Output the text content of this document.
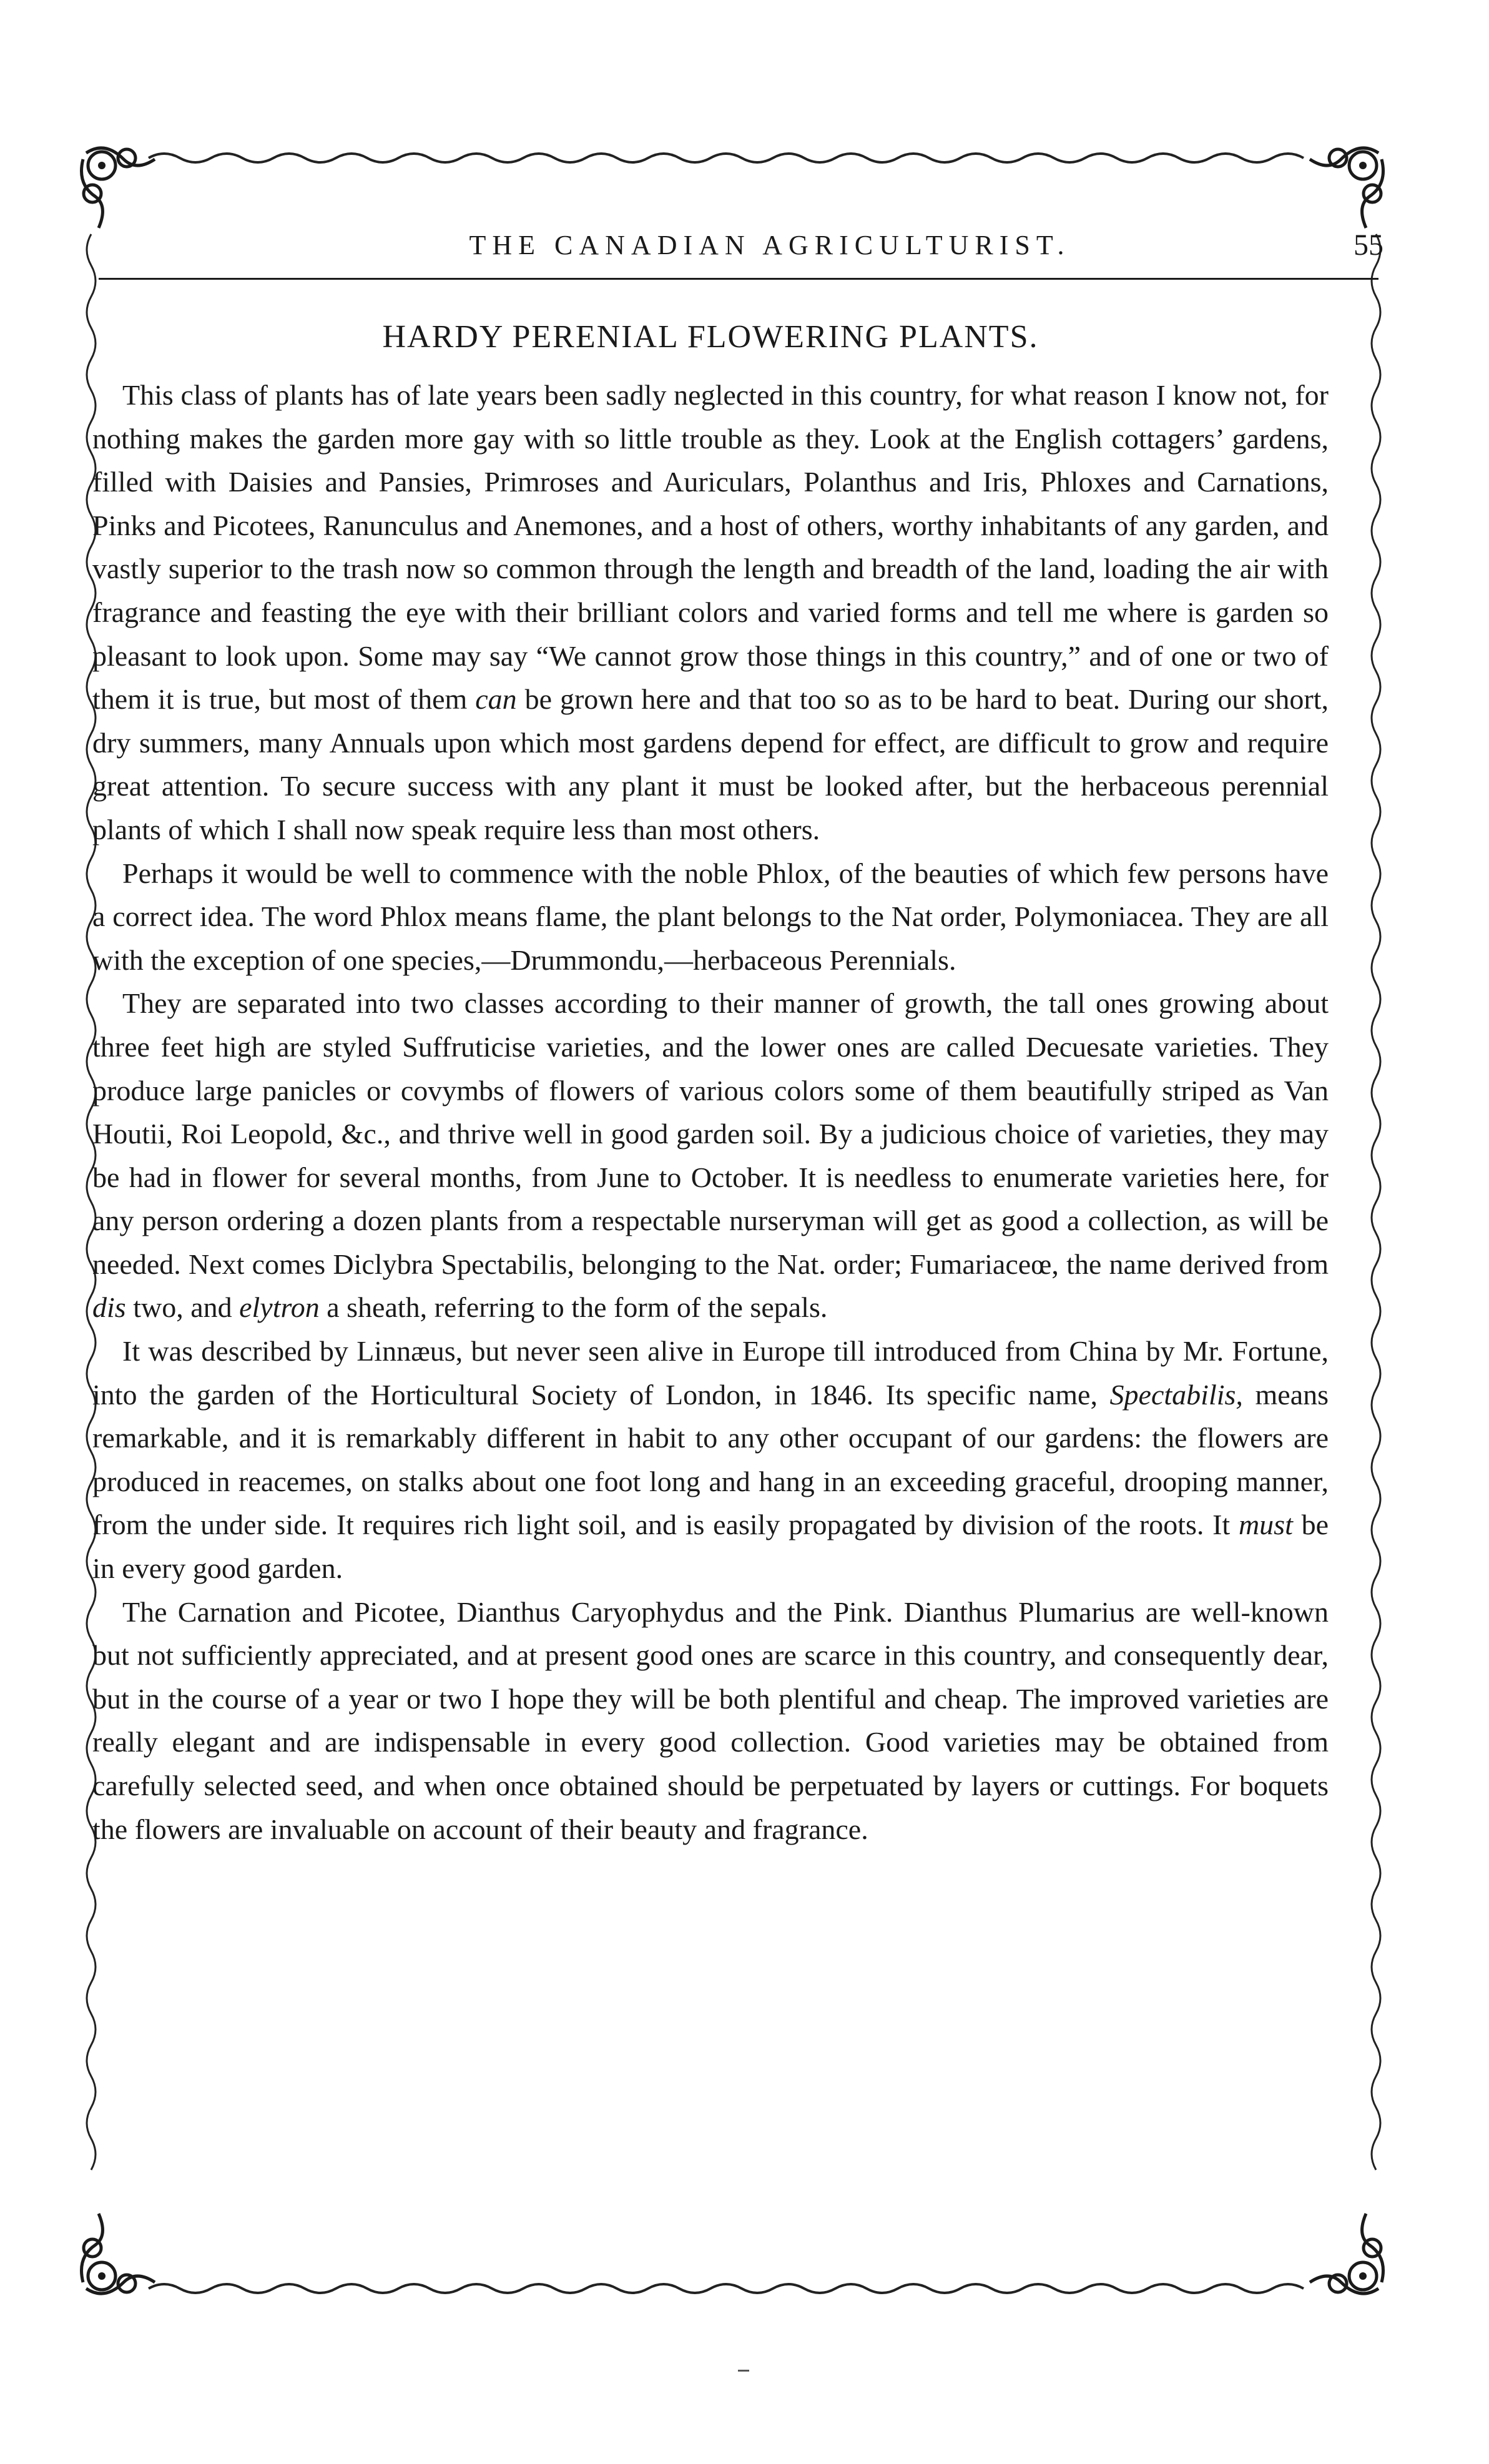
THE CANADIAN AGRICULTURIST.	55
HARDY PERENIAL FLOWERING PLANTS.

This class of plants has of late years been sadly neglected in this country, for what reason I know not, for nothing makes the garden more gay with so little trouble as they. Look at the English cottagers’ gardens, filled with Daisies and Pansies, Primroses and Auriculars, Polanthus and Iris, Phloxes and Carnations, Pinks and Picotees, Ranunculus and Anemones, and a host of others, worthy inhabitants of any garden, and vastly superior to the trash now so common through the length and breadth of the land, loading the air with fragrance and feasting the eye with their brilliant colors and varied forms and tell me where is garden so pleasant to look upon. Some may say “We cannot grow those things in this country,” and of one or two of them it is true, but most of them can be grown here and that too so as to be hard to beat. During our short, dry summers, many Annuals upon which most gardens depend for effect, are difficult to grow and require great attention. To secure success with any plant it must be looked after, but the herbaceous perennial plants of which I shall now speak require less than most others.

Perhaps it would be well to commence with the noble Phlox, of the beauties of which few persons have a correct idea. The word Phlox means flame, the plant belongs to the Nat order, Polymoniacea. They are all with the exception of one species,—Drummondu,—herbaceous Perennials.

They are separated into two classes according to their manner of growth, the tall ones growing about three feet high are styled Suffruticise varieties, and the lower ones are called Decuesate varieties. They produce large panicles or covymbs of flowers of various colors some of them beautifully striped as Van Houtii, Roi Leopold, &c., and thrive well in good garden soil. By a judicious choice of varieties, they may be had in flower for several months, from June to October. It is needless to enumerate varieties here, for any person ordering a dozen plants from a respectable nurseryman will get as good a collection, as will be needed. Next comes Diclybra Spectabilis, belonging to the Nat. order; Fumariaceœ, the name derived from dis two, and elytron a sheath, referring to the form of the sepals.

It was described by Linnæus, but never seen alive in Europe till introduced from China by Mr. Fortune, into the garden of the Horticultural Society of London, in 1846. Its specific name, Spectabilis, means remarkable, and it is remarkably different in habit to any other occupant of our gardens: the flowers are produced in reacemes, on stalks about one foot long and hang in an exceeding graceful, drooping manner, from the under side. It requires rich light soil, and is easily propagated by division of the roots. It must be in every good garden.

The Carnation and Picotee, Dianthus Caryophydus and the Pink. Dianthus Plumarius are well-known but not sufficiently appreciated, and at present good ones are scarce in this country, and consequently dear, but in the course of a year or two I hope they will be both plentiful and cheap. The improved varieties are really elegant and are indispensable in every good collection. Good varieties may be obtained from carefully selected seed, and when once obtained should be perpetuated by layers or cuttings. For boquets the flowers are invaluable on account of their beauty and fragrance.
